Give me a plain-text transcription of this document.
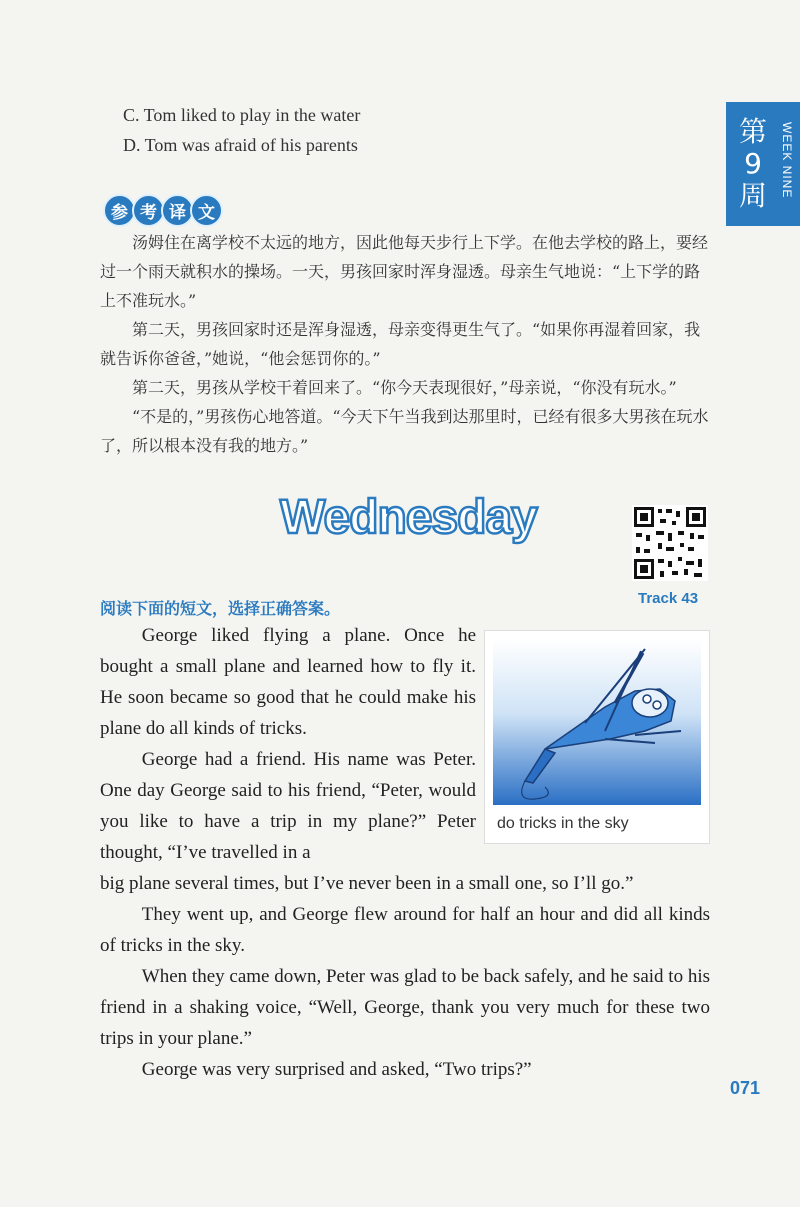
C. Tom liked to play in the water
D. Tom was afraid of his parents	第9周 WEEK NINE
参 考 译 文

汤姆住在离学校不太远的地方，因此他每天步行上下学。在他去学校的路上，要经过一个雨天就积水的操场。一天，男孩回家时浑身湿透。母亲生气地说：“上下学的路上不准玩水。”

第二天，男孩回家时还是浑身湿透，母亲变得更生气了。“如果你再湿着回家，我就告诉你爸爸，”她说，“他会惩罚你的。”

第二天，男孩从学校干着回来了。“你今天表现很好，”母亲说，“你没有玩水。”

“不是的，”男孩伤心地答道。“今天下午当我到达那里时，已经有很多大男孩在玩水了，所以根本没有我的地方。”

Wednesday
Track 43
阅读下面的短文，选择正确答案。
do tricks in the sky

George liked flying a plane. Once he bought a small plane and learned how to fly it. He soon became so good that he could make his plane do all kinds of tricks.

George had a friend. His name was Peter. One day George said to his friend, “Peter, would you like to have a trip in my plane?” Peter thought, “I’ve travelled in a

big plane several times, but I’ve never been in a small one, so I’ll go.”

They went up, and George flew around for half an hour and did all kinds of tricks in the sky.

When they came down, Peter was glad to be back safely, and he said to his friend in a shaking voice, “Well, George, thank you very much for these two trips in your plane.”

George was very surprised and asked, “Two trips?”

071
